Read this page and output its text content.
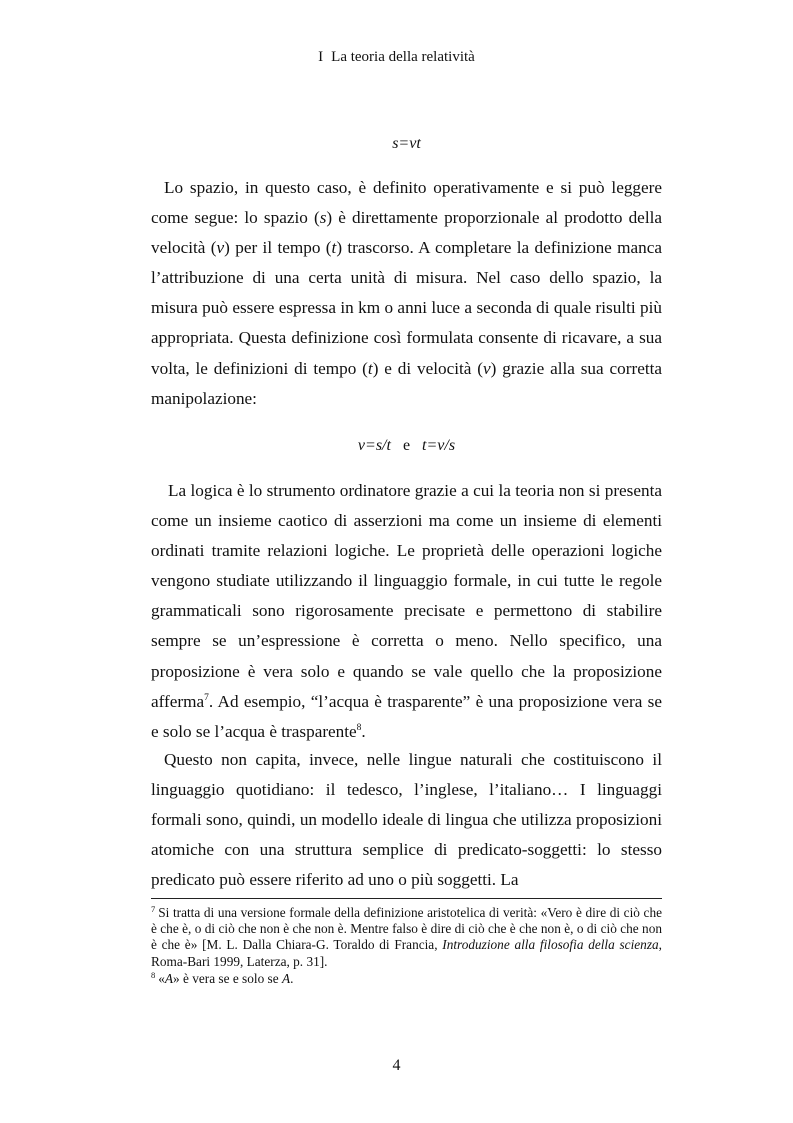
I La teoria della relatività
s=vt

Lo spazio, in questo caso, è definito operativamente e si può leggere come segue: lo spazio (s) è direttamente proporzionale al prodotto della velocità (v) per il tempo (t) trascorso. A completare la definizione manca l’attribuzione di una certa unità di misura. Nel caso dello spazio, la misura può essere espressa in km o anni luce a seconda di quale risulti più appropriata. Questa definizione così formulata consente di ricavare, a sua volta, le definizioni di tempo (t) e di velocità (v) grazie alla sua corretta manipolazione:

v=s/t e t=v/s

La logica è lo strumento ordinatore grazie a cui la teoria non si presenta come un insieme caotico di asserzioni ma come un insieme di elementi ordinati tramite relazioni logiche. Le proprietà delle operazioni logiche vengono studiate utilizzando il linguaggio formale, in cui tutte le regole grammaticali sono rigorosamente precisate e permettono di stabilire sempre se un’espressione è corretta o meno. Nello specifico, una proposizione è vera solo e quando se vale quello che la proposizione afferma$^7$. Ad esempio, “l’acqua è trasparente” è una proposizione vera se e solo se l’acqua è trasparente$^8$.

Questo non capita, invece, nelle lingue naturali che costituiscono il linguaggio quotidiano: il tedesco, l’inglese, l’italiano… I linguaggi formali sono, quindi, un modello ideale di lingua che utilizza proposizioni atomiche con una struttura semplice di predicato-soggetti: lo stesso predicato può essere riferito ad uno o più soggetti. La

$^7$ Si tratta di una versione formale della definizione aristotelica di verità: «Vero è dire di ciò che è che è, o di ciò che non è che non è. Mentre falso è dire di ciò che è che non è, o di ciò che non è che è» [M. L. Dalla Chiara-G. Toraldo di Francia, Introduzione alla filosofia della scienza, Roma-Bari 1999, Laterza, p. 31].

$^8$ «A» è vera se e solo se A.

4
